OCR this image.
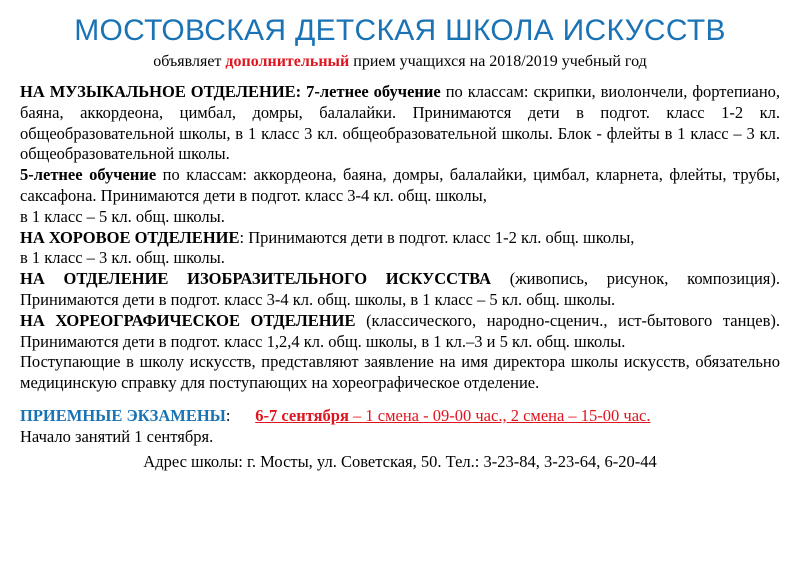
МОСТОВСКАЯ ДЕТСКАЯ ШКОЛА ИСКУССТВ
объявляет дополнительный прием учащихся на 2018/2019 учебный год

НА МУЗЫКАЛЬНОЕ ОТДЕЛЕНИЕ: 7-летнее обучение по классам: скрипки, виолончели, фортепиано, баяна, аккордеона, цимбал, домры, балалайки. Принимаются дети в подгот. класс 1-2 кл. общеобразовательной школы, в 1 класс 3 кл. общеобразовательной школы. Блок - флейты в 1 класс – 3 кл. общеобразовательной школы.

5-летнее обучение по классам: аккордеона, баяна, домры, балалайки, цимбал, кларнета, флейты, трубы, саксафона. Принимаются дети в подгот. класс 3-4 кл. общ. школы,
в 1 класс – 5 кл. общ. школы.

НА ХОРОВОЕ ОТДЕЛЕНИЕ: Принимаются дети в подгот. класс 1-2 кл. общ. школы,
в 1 класс – 3 кл. общ. школы.

НА ОТДЕЛЕНИЕ ИЗОБРАЗИТЕЛЬНОГО ИСКУССТВА (живопись, рисунок, композиция). Принимаются дети в подгот. класс 3-4 кл. общ. школы, в 1 класс – 5 кл. общ. школы.

НА ХОРЕОГРАФИЧЕСКОЕ ОТДЕЛЕНИЕ (классического, народно-сценич., ист-бытового танцев). Принимаются дети в подгот. класс 1,2,4 кл. общ. школы, в 1 кл.–3 и 5 кл. общ. школы.

Поступающие в школу искусств, представляют заявление на имя директора школы искусств, обязательно медицинскую справку для поступающих на хореографическое отделение.

ПРИЕМНЫЕ ЭКЗАМЕНЫ: 6-7 сентября – 1 смена - 09-00 час., 2 смена – 15-00 час.
Начало занятий 1 сентября.
Адрес школы: г. Мосты, ул. Советская, 50. Тел.: 3-23-84, 3-23-64, 6-20-44
